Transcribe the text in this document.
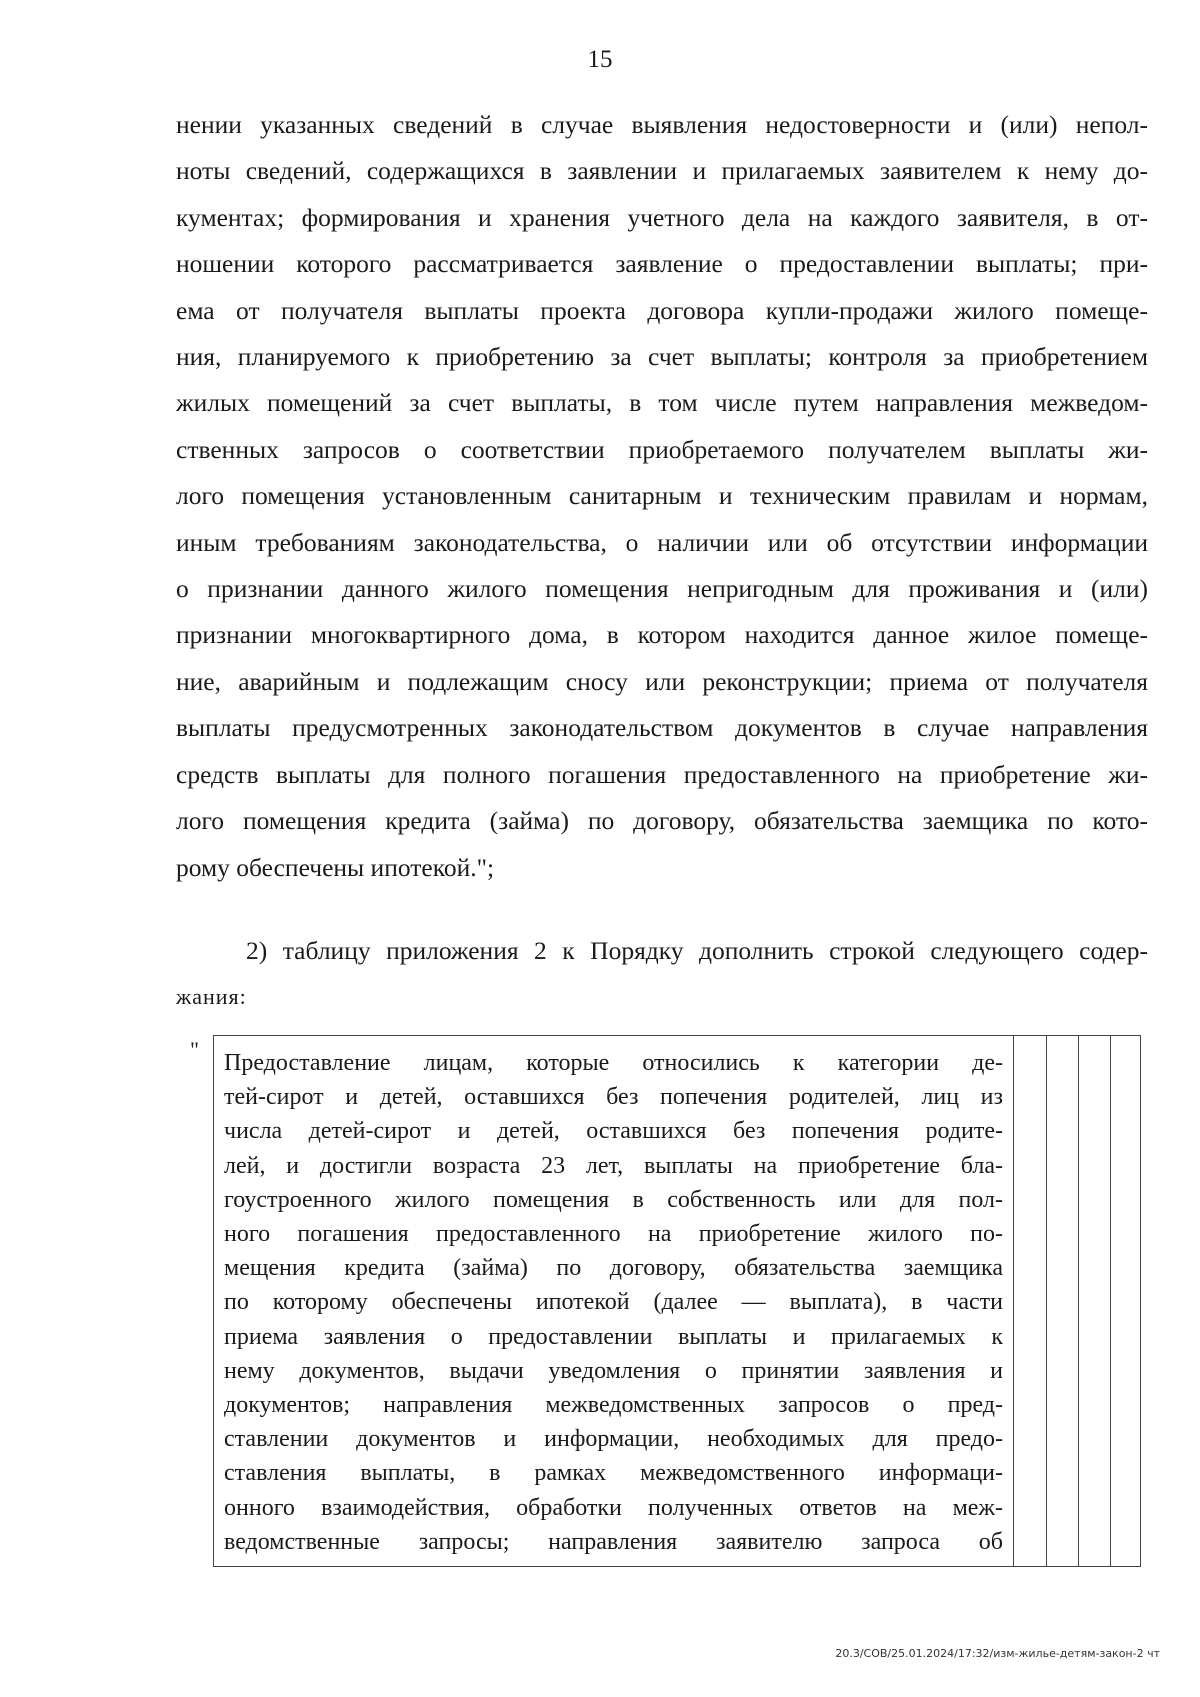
15
нении указанных сведений в случае выявления недостоверности и (или) непол-
ноты сведений, содержащихся в заявлении и прилагаемых заявителем к нему до-
кументах; формирования и хранения учетного дела на каждого заявителя, в от-
ношении которого рассматривается заявление о предоставлении выплаты; при-
ема от получателя выплаты проекта договора купли-продажи жилого помеще-
ния, планируемого к приобретению за счет выплаты; контроля за приобретением
жилых помещений за счет выплаты, в том числе путем направления межведом-
ственных запросов о соответствии приобретаемого получателем выплаты жи-
лого помещения установленным санитарным и техническим правилам и нормам,
иным требованиям законодательства, о наличии или об отсутствии информации
о признании данного жилого помещения непригодным для проживания и (или)
признании многоквартирного дома, в котором находится данное жилое помеще-
ние, аварийным и подлежащим сносу или реконструкции; приема от получателя
выплаты предусмотренных законодательством документов в случае направления
средств выплаты для полного погашения предоставленного на приобретение жи-
лого помещения кредита (займа) по договору, обязательства заемщика по кото-
рому обеспечены ипотекой.";
2) таблицу приложения 2 к Порядку дополнить строкой следующего содер-
жания:
"
Предоставление лицам, которые относились к категории де-
тей-сирот и детей, оставшихся без попечения родителей, лиц из
числа детей-сирот и детей, оставшихся без попечения родите-
лей, и достигли возраста 23 лет, выплаты на приобретение бла-
гоустроенного жилого помещения в собственность или для пол-
ного погашения предоставленного на приобретение жилого по-
мещения кредита (займа) по договору, обязательства заемщика
по которому обеспечены ипотекой (далее — выплата), в части
приема заявления о предоставлении выплаты и прилагаемых к
нему документов, выдачи уведомления о принятии заявления и
документов; направления межведомственных запросов о пред-
ставлении документов и информации, необходимых для предо-
ставления выплаты, в рамках межведомственного информаци-
онного взаимодействия, обработки полученных ответов на меж-
ведомственные запросы; направления заявителю запроса об
20.3/СОВ/25.01.2024/17:32/изм-жилье-детям-закон-2 чт
